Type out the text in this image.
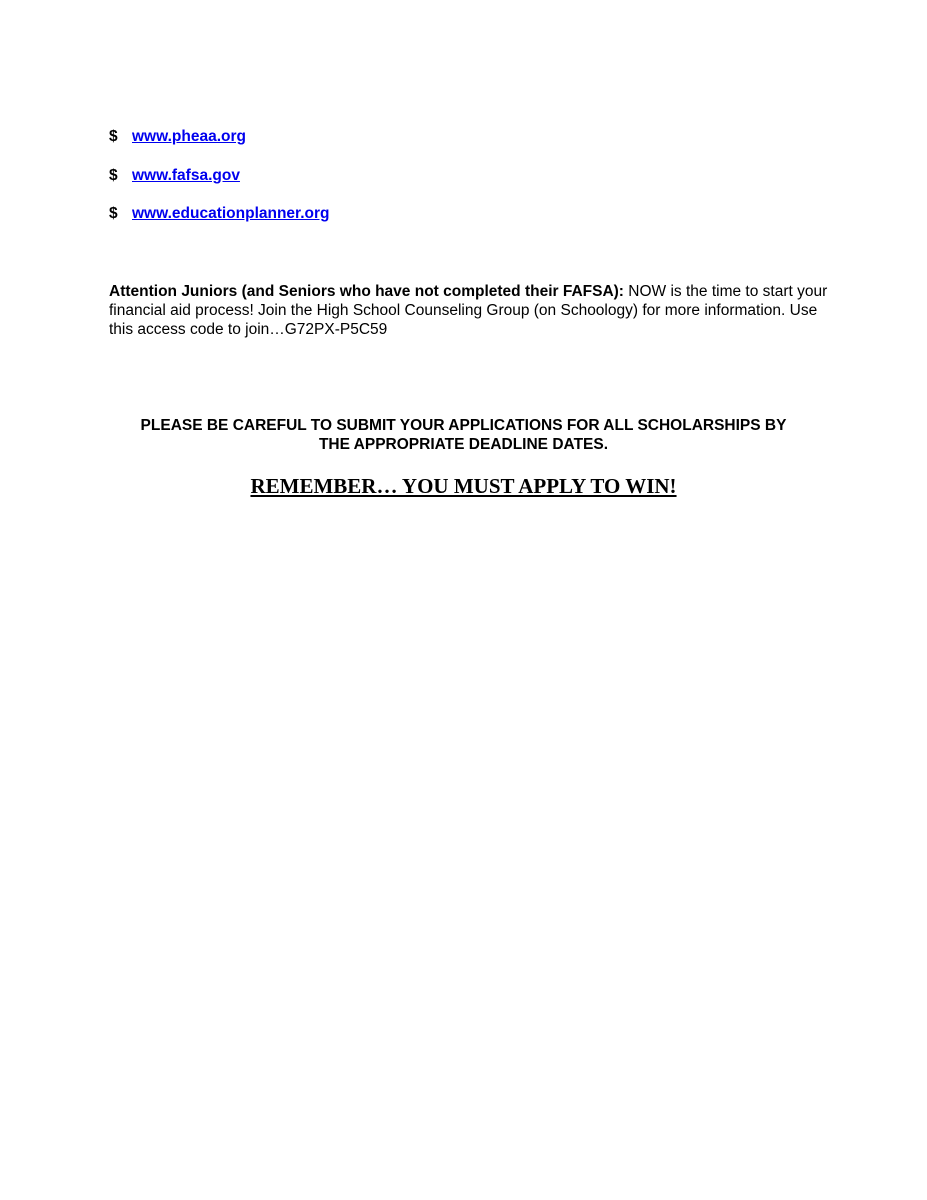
$ www.pheaa.org
$ www.fafsa.gov
$ www.educationplanner.org

Attention Juniors (and Seniors who have not completed their FAFSA): NOW is the time to start your financial aid process! Join the High School Counseling Group (on Schoology) for more information. Use this access code to join…G72PX-P5C59

PLEASE BE CAREFUL TO SUBMIT YOUR APPLICATIONS FOR ALL SCHOLARSHIPS BY
THE APPROPRIATE DEADLINE DATES.

REMEMBER… YOU MUST APPLY TO WIN!
